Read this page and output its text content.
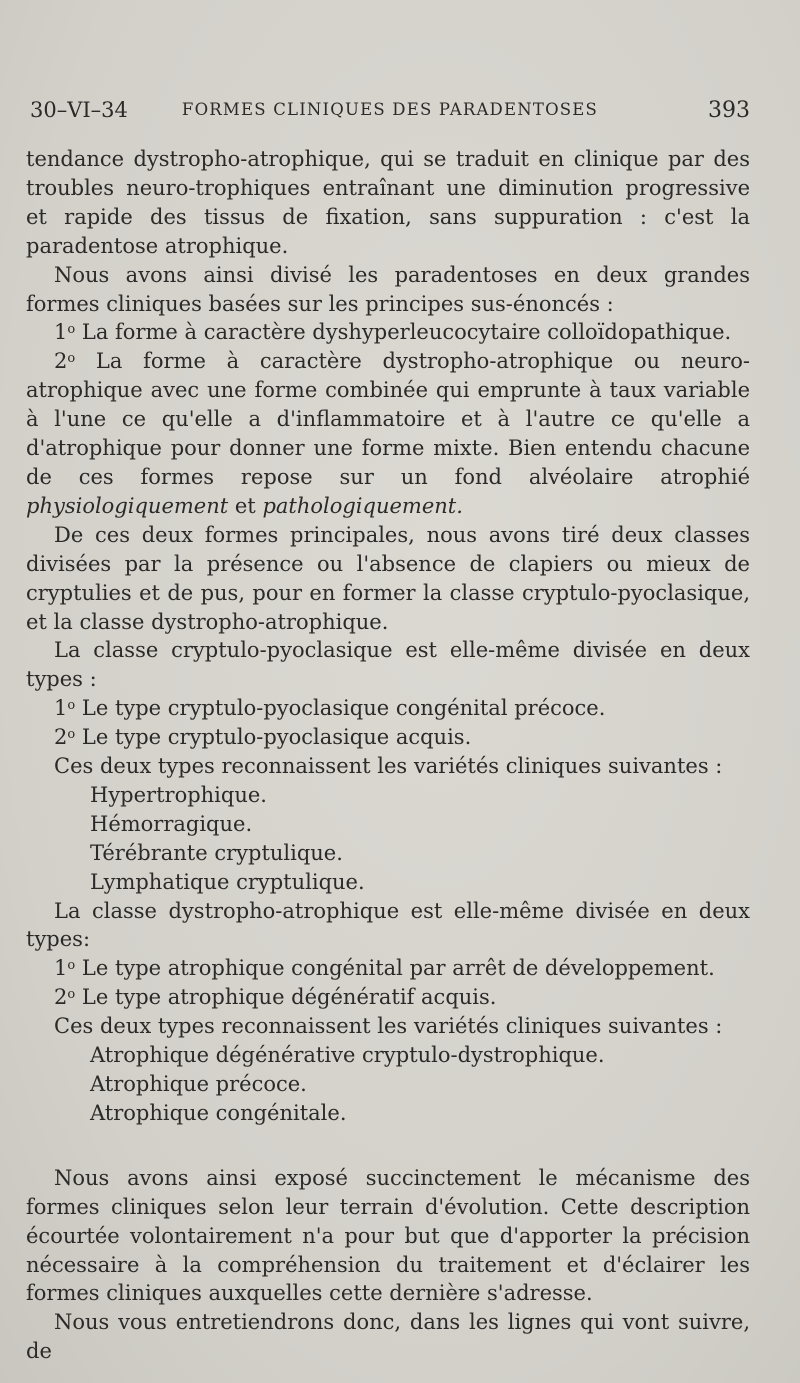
30–VI–34	FORMES CLINIQUES DES PARADENTOSES	393

tendance dystropho-atrophique, qui se traduit en clinique par des troubles neuro-trophiques entraînant une diminution progressive et rapide des tissus de fixation, sans suppuration : c'est la paradentose atrophique.

Nous avons ainsi divisé les paradentoses en deux grandes formes cliniques basées sur les principes sus-énoncés :

1$^o$ La forme à caractère dyshyperleucocytaire colloïdopathique.

2$^o$ La forme à caractère dystropho-atrophique ou neuro-atrophique avec une forme combinée qui emprunte à taux variable à l'une ce qu'elle a d'inflammatoire et à l'autre ce qu'elle a d'atrophique pour donner une forme mixte. Bien entendu chacune de ces formes repose sur un fond alvéolaire atrophié physiologiquement et pathologiquement.

De ces deux formes principales, nous avons tiré deux classes divisées par la présence ou l'absence de clapiers ou mieux de cryptulies et de pus, pour en former la classe cryptulo-pyoclasique, et la classe dystropho-atrophique.

La classe cryptulo-pyoclasique est elle-même divisée en deux types :

1$^o$ Le type cryptulo-pyoclasique congénital précoce.

2$^o$ Le type cryptulo-pyoclasique acquis.

Ces deux types reconnaissent les variétés cliniques suivantes :

Hypertrophique.

Hémorragique.

Térébrante cryptulique.

Lymphatique cryptulique.

La classe dystropho-atrophique est elle-même divisée en deux types:

1$^o$ Le type atrophique congénital par arrêt de développement.

2$^o$ Le type atrophique dégénératif acquis.

Ces deux types reconnaissent les variétés cliniques suivantes :

Atrophique dégénérative cryptulo-dystrophique.

Atrophique précoce.

Atrophique congénitale.

Nous avons ainsi exposé succinctement le mécanisme des formes cliniques selon leur terrain d'évolution. Cette description écourtée volontairement n'a pour but que d'apporter la précision nécessaire à la compréhension du traitement et d'éclairer les formes cliniques auxquelles cette dernière s'adresse.

Nous vous entretiendrons donc, dans les lignes qui vont suivre, de
